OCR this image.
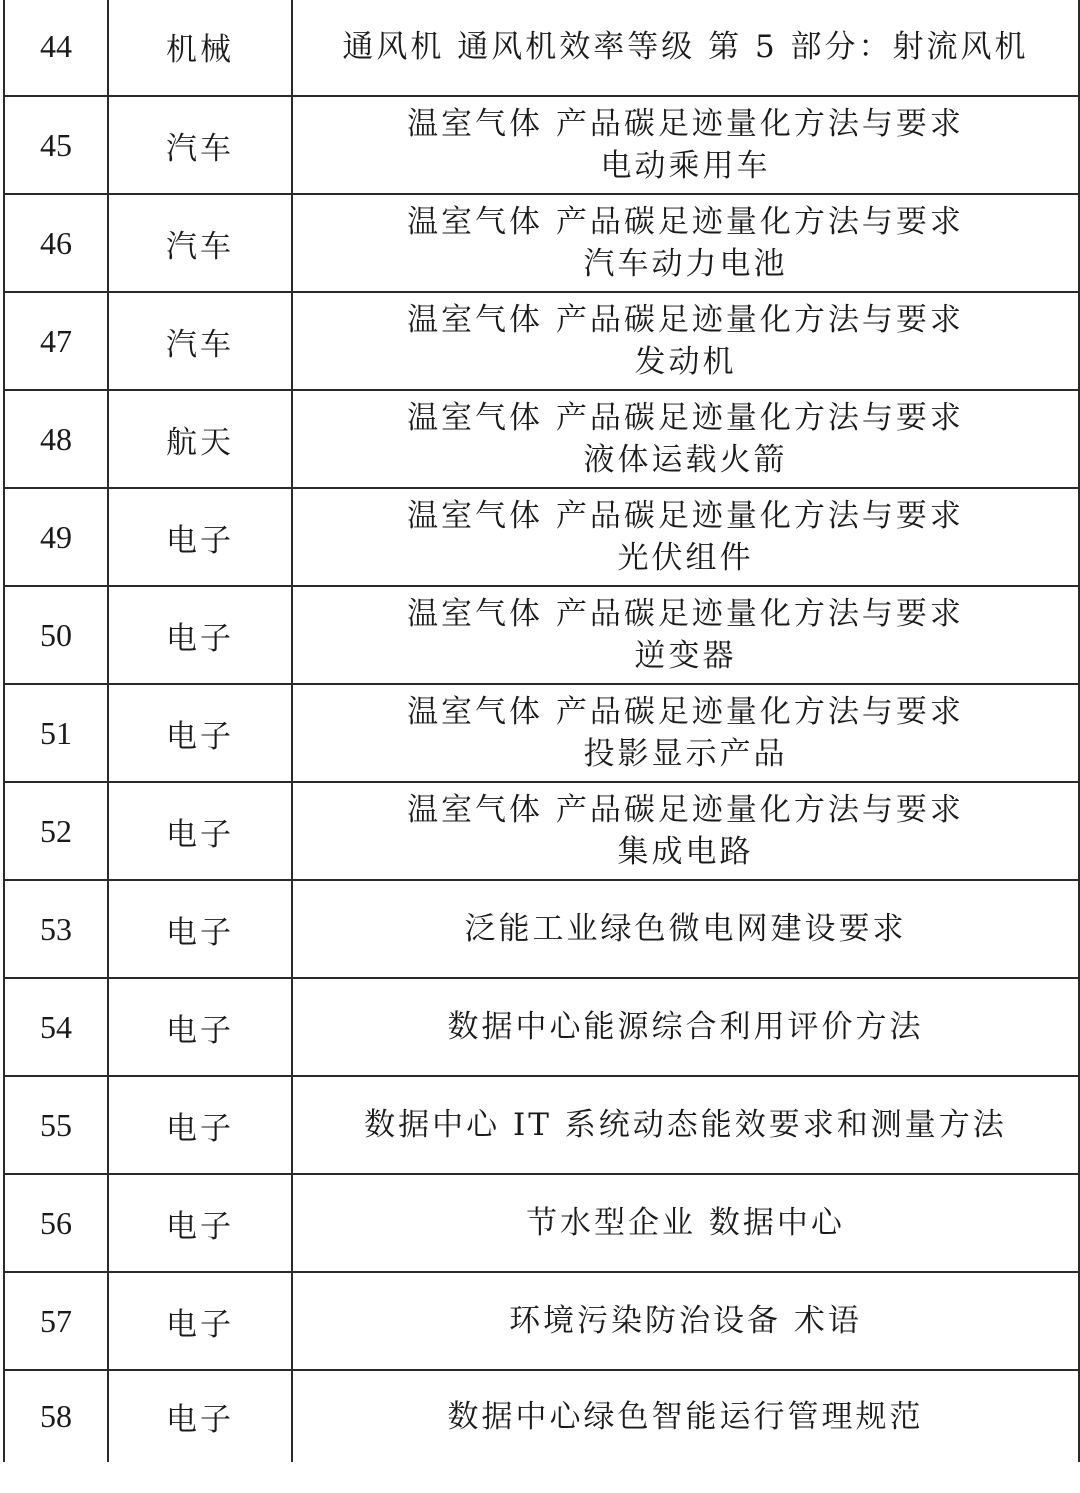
44	机械	通风机 通风机效率等级 第 5 部分：射流风机

45	汽车	温室气体 产品碳足迹量化方法与要求
电动乘用车

46	汽车	温室气体 产品碳足迹量化方法与要求
汽车动力电池

47	汽车	温室气体 产品碳足迹量化方法与要求
发动机

48	航天	温室气体 产品碳足迹量化方法与要求
液体运载火箭

49	电子	温室气体 产品碳足迹量化方法与要求
光伏组件

50	电子	温室气体 产品碳足迹量化方法与要求
逆变器

51	电子	温室气体 产品碳足迹量化方法与要求
投影显示产品

52	电子	温室气体 产品碳足迹量化方法与要求
集成电路

53	电子	泛能工业绿色微电网建设要求

54	电子	数据中心能源综合利用评价方法

55	电子	数据中心 IT 系统动态能效要求和测量方法

56	电子	节水型企业 数据中心

57	电子	环境污染防治设备 术语

58	电子	数据中心绿色智能运行管理规范
